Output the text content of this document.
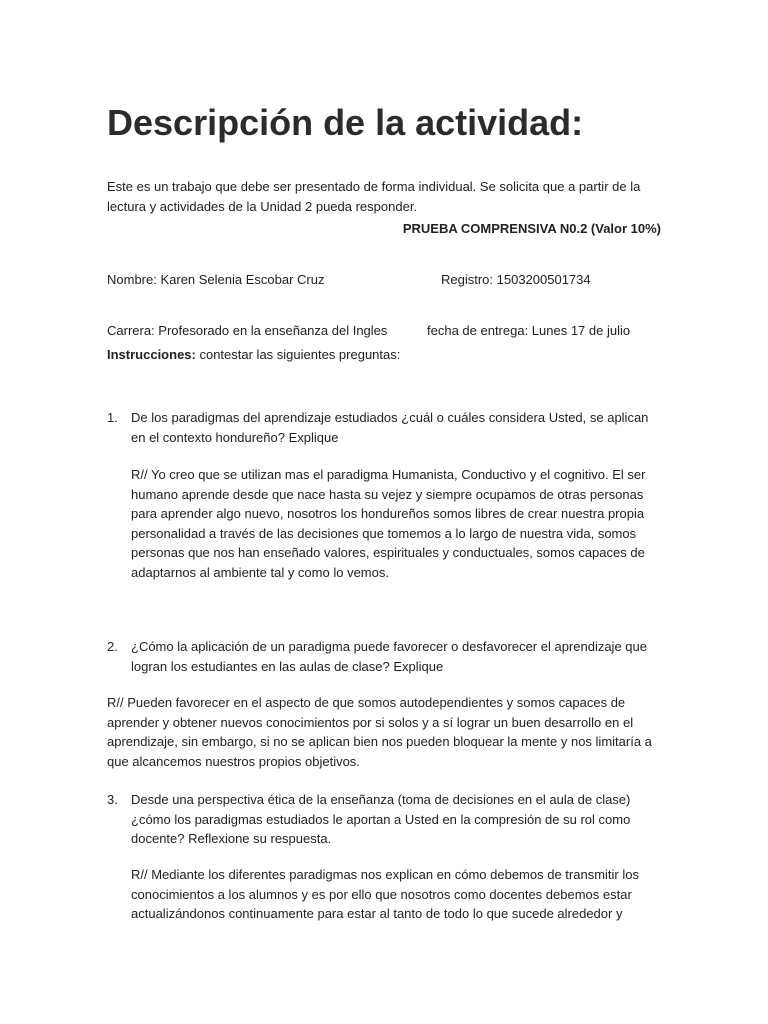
Descripción de la actividad:
Este es un trabajo que debe ser presentado de forma individual. Se solicita que a partir de la lectura y actividades de la Unidad 2 pueda responder.
PRUEBA COMPRENSIVA N0.2 (Valor 10%)
Nombre: Karen Selenia Escobar Cruz	Registro: 1503200501734
Carrera: Profesorado en la enseñanza del Ingles	fecha de entrega: Lunes 17 de julio
Instrucciones: contestar las siguientes preguntas:
1. De los paradigmas del aprendizaje estudiados ¿cuál o cuáles considera Usted, se aplican en el contexto hondureño? Explique
R// Yo creo que se utilizan mas el paradigma Humanista, Conductivo y el cognitivo. El ser humano aprende desde que nace hasta su vejez y siempre ocupamos de otras personas para aprender algo nuevo, nosotros los hondureños somos libres de crear nuestra propia personalidad a través de las decisiones que tomemos a lo largo de nuestra vida, somos personas que nos han enseñado valores, espirituales y conductuales, somos capaces de adaptarnos al ambiente tal y como lo vemos.
2. ¿Cómo la aplicación de un paradigma puede favorecer o desfavorecer el aprendizaje que logran los estudiantes en las aulas de clase? Explique
R// Pueden favorecer en el aspecto de que somos autodependientes y somos capaces de aprender y obtener nuevos conocimientos por si solos y a sí lograr un buen desarrollo en el aprendizaje, sin embargo, si no se aplican bien nos pueden bloquear la mente y nos limitaría a que alcancemos nuestros propios objetivos.
3. Desde una perspectiva ética de la enseñanza (toma de decisiones en el aula de clase) ¿cómo los paradigmas estudiados le aportan a Usted en la compresión de su rol como docente? Reflexione su respuesta.
R// Mediante los diferentes paradigmas nos explican en cómo debemos de transmitir los conocimientos a los alumnos y es por ello que nosotros como docentes debemos estar actualizándonos continuamente para estar al tanto de todo lo que sucede alrededor y
